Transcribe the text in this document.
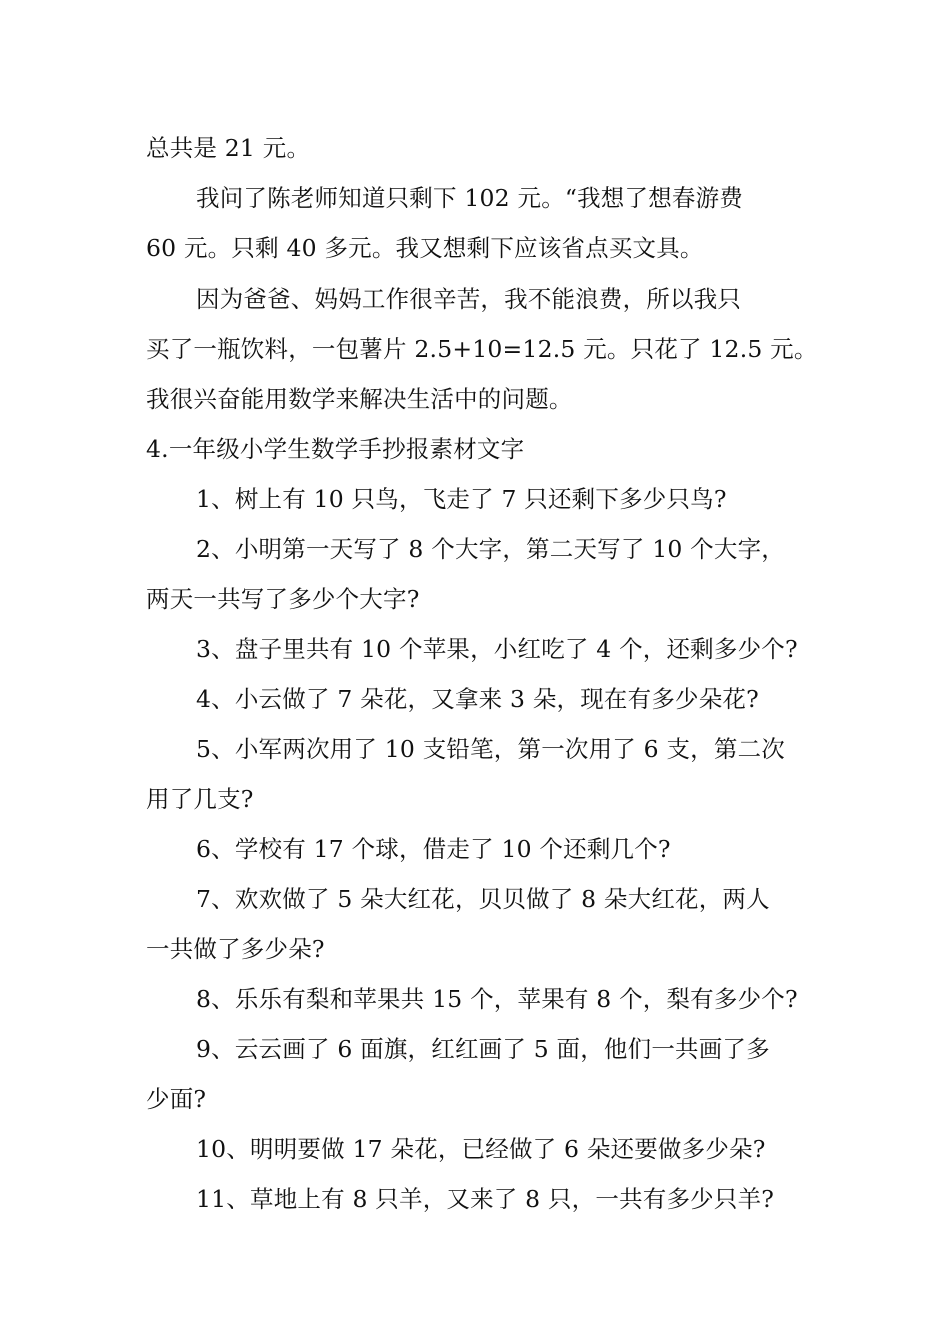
总共是 21 元。
我问了陈老师知道只剩下 102 元。“我想了想春游费
60 元。只剩 40 多元。我又想剩下应该省点买文具。
因为爸爸、妈妈工作很辛苦，我不能浪费，所以我只
买了一瓶饮料，一包薯片 2.5+10=12.5 元。只花了 12.5 元。
我很兴奋能用数学来解决生活中的问题。
4.一年级小学生数学手抄报素材文字
1、树上有 10 只鸟，飞走了 7 只还剩下多少只鸟?
2、小明第一天写了 8 个大字，第二天写了 10 个大字，
两天一共写了多少个大字?
3、盘子里共有 10 个苹果，小红吃了 4 个，还剩多少个?
4、小云做了 7 朵花，又拿来 3 朵，现在有多少朵花?
5、小军两次用了 10 支铅笔，第一次用了 6 支，第二次
用了几支?
6、学校有 17 个球，借走了 10 个还剩几个?
7、欢欢做了 5 朵大红花，贝贝做了 8 朵大红花，两人
一共做了多少朵?
8、乐乐有梨和苹果共 15 个，苹果有 8 个，梨有多少个?
9、云云画了 6 面旗，红红画了 5 面，他们一共画了多
少面?
10、明明要做 17 朵花，已经做了 6 朵还要做多少朵?
11、草地上有 8 只羊，又来了 8 只，一共有多少只羊?
